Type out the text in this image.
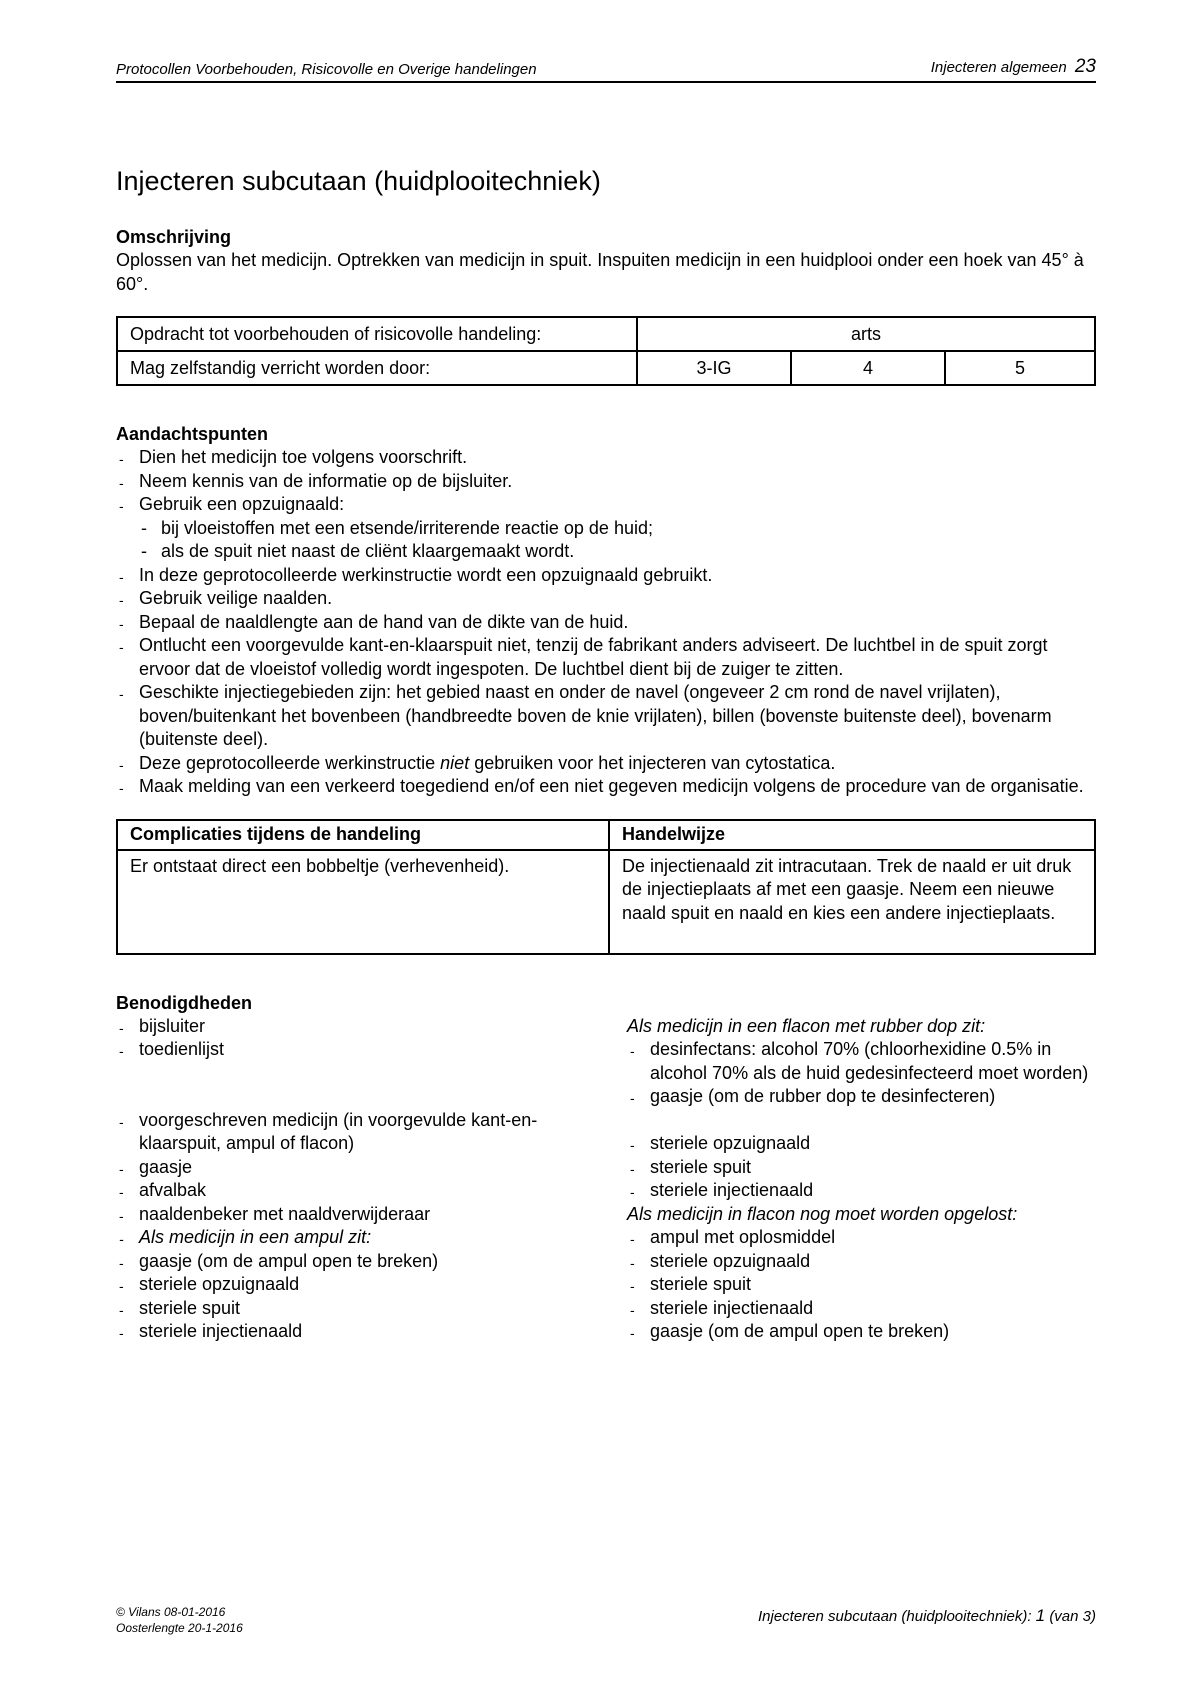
Protocollen Voorbehouden, Risicovolle en Overige handelingen	Injecteren algemeen 23
Injecteren subcutaan (huidplooitechniek)

Omschrijving

Oplossen van het medicijn. Optrekken van medicijn in spuit. Inspuiten medicijn in een huidplooi onder een hoek van 45° à 60°.

Opdracht tot voorbehouden of risicovolle handeling:	arts		
Mag zelfstandig verricht worden door:	3-IG	4	5

Aandachtspunten

- Dien het medicijn toe volgens voorschrift.
- Neem kennis van de informatie op de bijsluiter.
- Gebruik een opzuignaald:
- bij vloeistoffen met een etsende/irriterende reactie op de huid;
- als de spuit niet naast de cliënt klaargemaakt wordt.
- In deze geprotocolleerde werkinstructie wordt een opzuignaald gebruikt.
- Gebruik veilige naalden.
- Bepaal de naaldlengte aan de hand van de dikte van de huid.
- Ontlucht een voorgevulde kant-en-klaarspuit niet, tenzij de fabrikant anders adviseert. De luchtbel in de spuit zorgt ervoor dat de vloeistof volledig wordt ingespoten. De luchtbel dient bij de zuiger te zitten.
- Geschikte injectiegebieden zijn: het gebied naast en onder de navel (ongeveer 2 cm rond de navel vrijlaten), boven/buitenkant het bovenbeen (handbreedte boven de knie vrijlaten), billen (bovenste buitenste deel), bovenarm (buitenste deel).
- Deze geprotocolleerde werkinstructie niet gebruiken voor het injecteren van cytostatica.
- Maak melding van een verkeerd toegediend en/of een niet gegeven medicijn volgens de procedure van de organisatie.
Complicaties tijdens de handeling	Handelwijze
Er ontstaat direct een bobbeltje (verhevenheid).	De injectienaald zit intracutaan. Trek de naald er uit druk de injectieplaats af met een gaasje. Neem een nieuwe naald spuit en naald en kies een andere injectieplaats.

Benodigdheden

- bijsluiter
- toedienlijst
- voorgeschreven medicijn (in voorgevulde kant-en-klaarspuit, ampul of flacon)
- gaasje
- afvalbak
- naaldenbeker met naaldverwijderaar
- Als medicijn in een ampul zit:
- gaasje (om de ampul open te breken)
- steriele opzuignaald
- steriele spuit
- steriele injectienaald
Als medicijn in een flacon met rubber dop zit:
- desinfectans: alcohol 70% (chloorhexidine 0.5% in alcohol 70% als de huid gedesinfecteerd moet worden)
- gaasje (om de rubber dop te desinfecteren)
- steriele opzuignaald
- steriele spuit
- steriele injectienaald
Als medicijn in flacon nog moet worden opgelost:
- ampul met oplosmiddel
- steriele opzuignaald
- steriele spuit
- steriele injectienaald
- gaasje (om de ampul open te breken)
© Vilans 08-01-2016
Oosterlengte 20-1-2016
Injecteren subcutaan (huidplooitechniek): 1 (van 3)
